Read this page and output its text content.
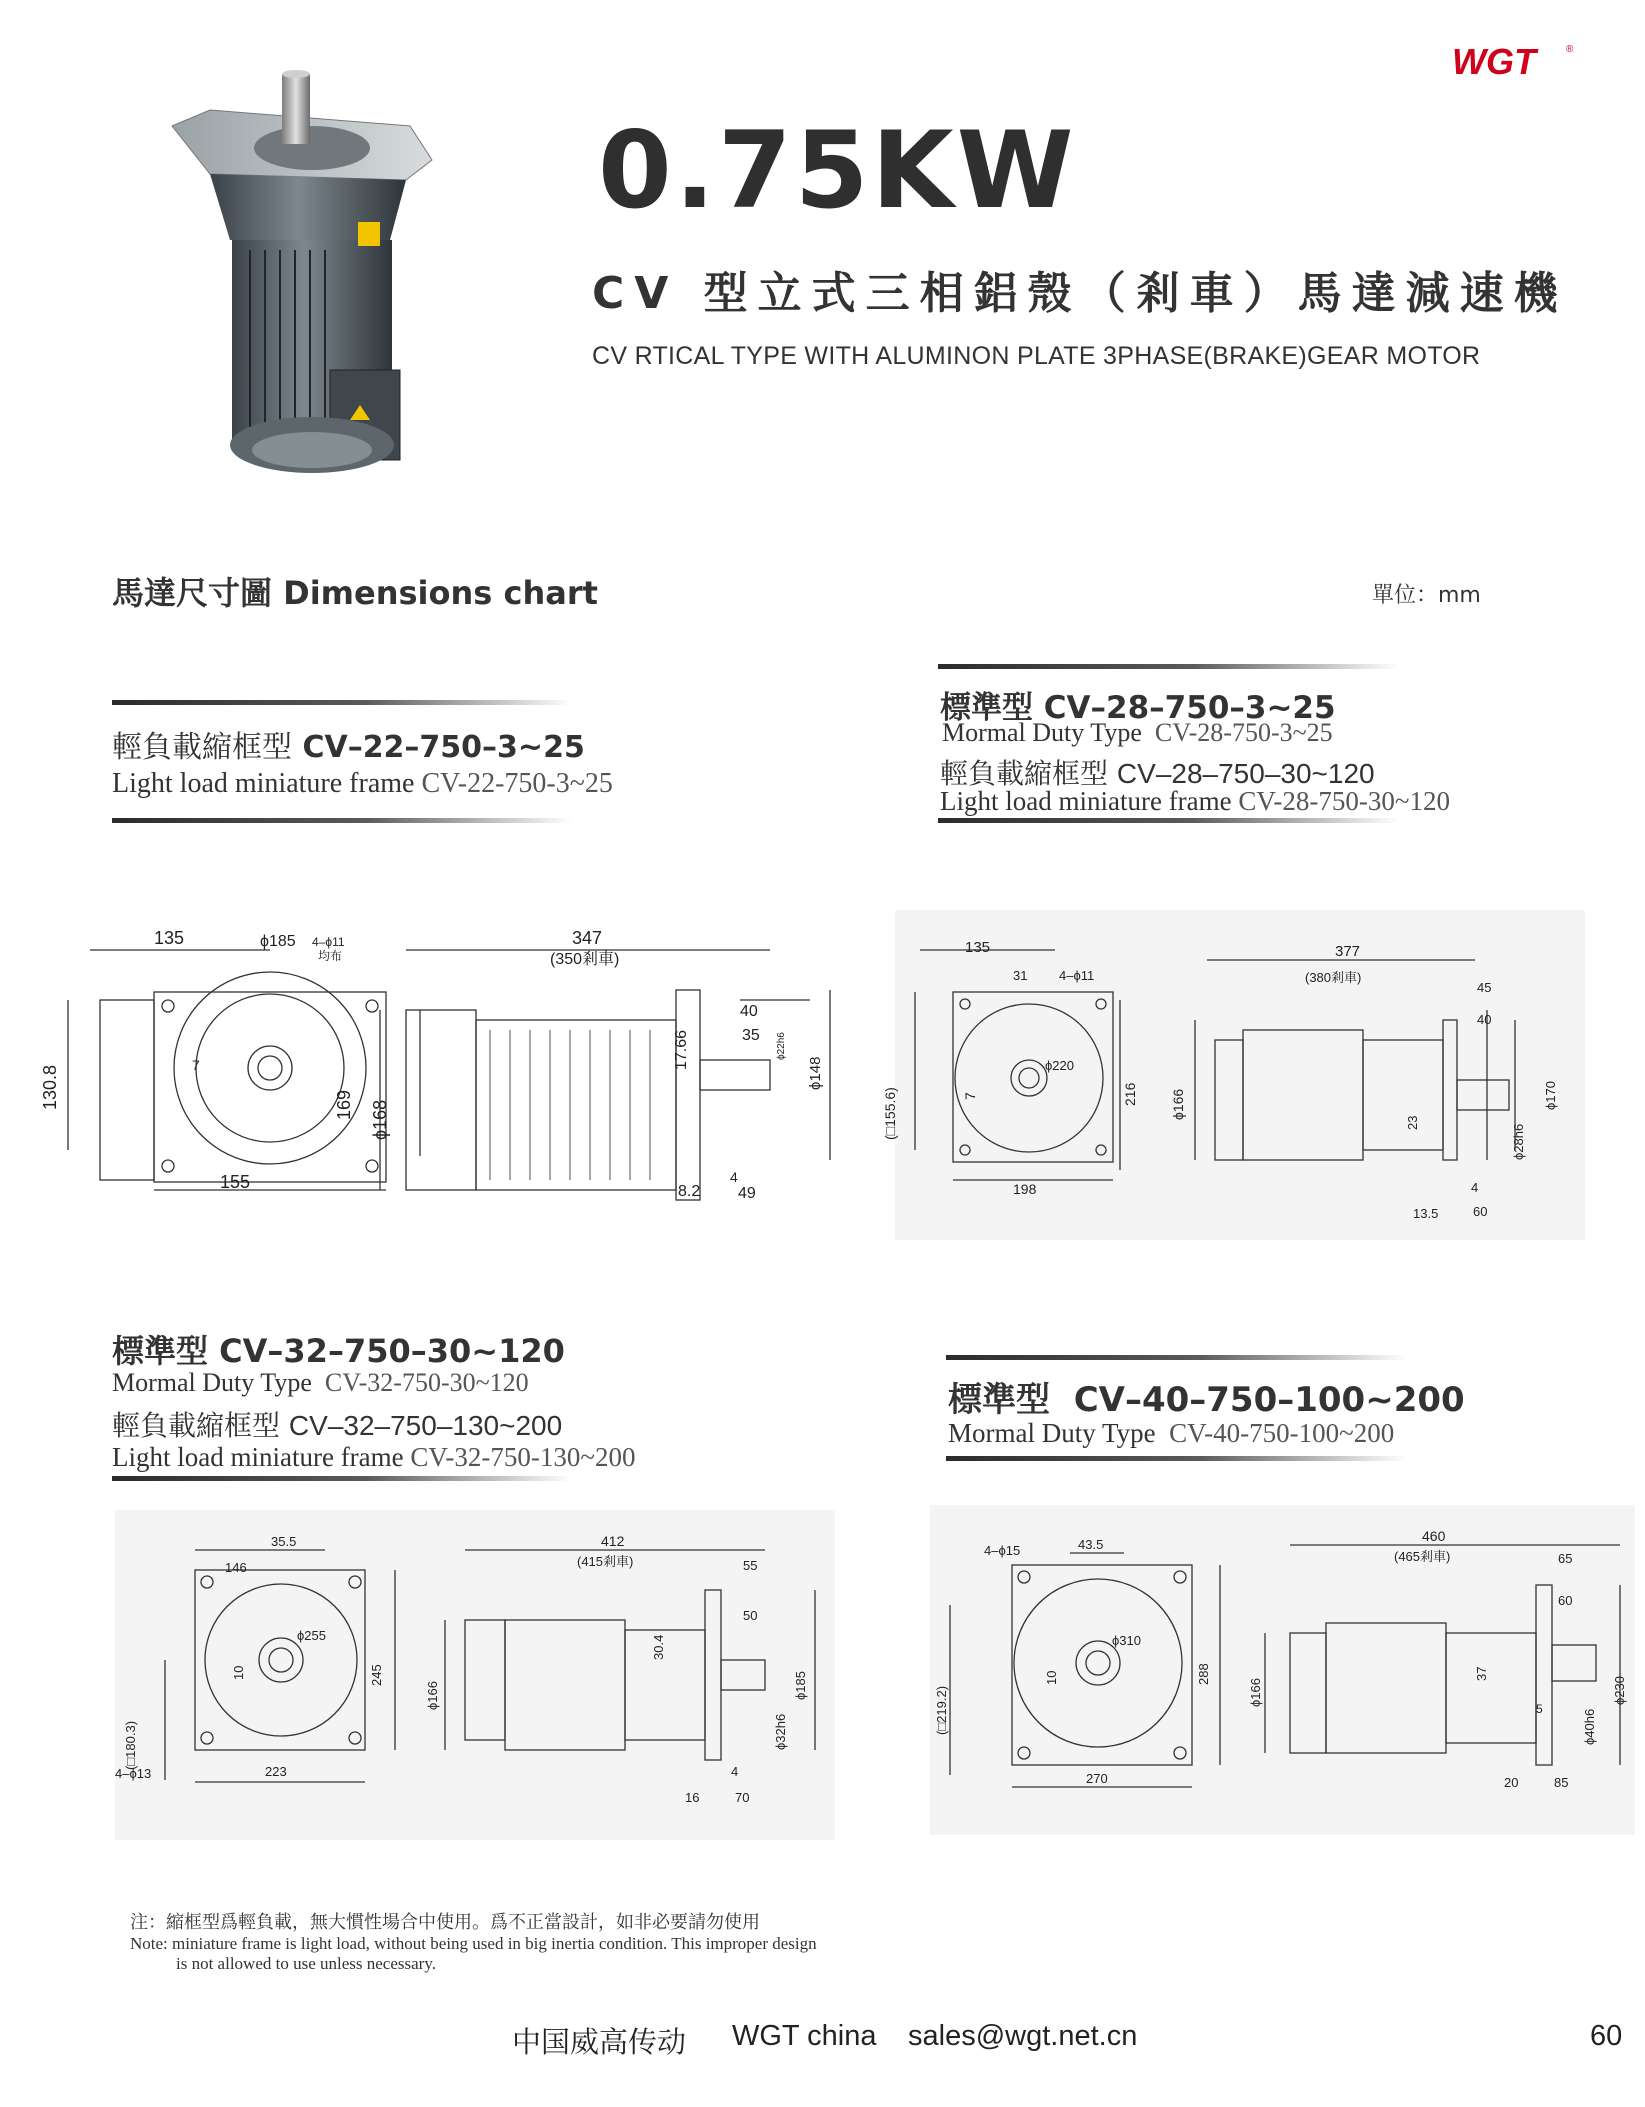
WGT	®
0.75KW
CV 型立式三相鋁殼（剎車）馬達減速機
CV RTICAL TYPE WITH ALUMINON PLATE 3PHASE(BRAKE)GEAR MOTOR
馬達尺寸圖 Dimensions chart	單位：mm
輕負載縮框型 CV–22–750–3~25
Light load miniature frame CV-22-750-3~25
標準型 CV–28–750–3~25
Mormal Duty Type CV-28-750-3~25
輕負載縮框型 CV–28–750–30~120
Light load miniature frame CV-28-750-30~120
135	ϕ185 4–ϕ11
均布
130.8	169
155
7
ϕ168
347
(350剎車)
40
35
17.66	ϕ22h6
ϕ148
8.2
4
49
135
31 4–ϕ11
(□155.6)
ϕ220
7	216
198
ϕ166
377
(380剎車)
45
40
ϕ170
23
ϕ28h6
13.5
4
60
標準型 CV–32–750–30~120
Mormal Duty Type CV-32-750-30~120
輕負載縮框型 CV–32–750–130~200
Light load miniature frame CV-32-750-130~200
標準型 CV–40–750–100~200
Mormal Duty Type CV-40-750-100~200
35.5
146
ϕ255
10	245
(□180.3)
4–ϕ13	223
ϕ166
412
(415剎車)	55
50
30.4
ϕ185
ϕ32h6
4
16	70
4–ϕ15	43.5
ϕ310
(□219.2)
10	288
270
ϕ166
460
(465剎車)	65
60
37
5	ϕ40h6
ϕ230
20	85
注：縮框型爲輕負載，無大慣性場合中使用。爲不正當設計，如非必要請勿使用
Note: miniature frame is light load, without being used in big inertia condition. This improper design
is not allowed to use unless necessary.
中国威高传动 WGT china sales@wgt.net.cn	60
